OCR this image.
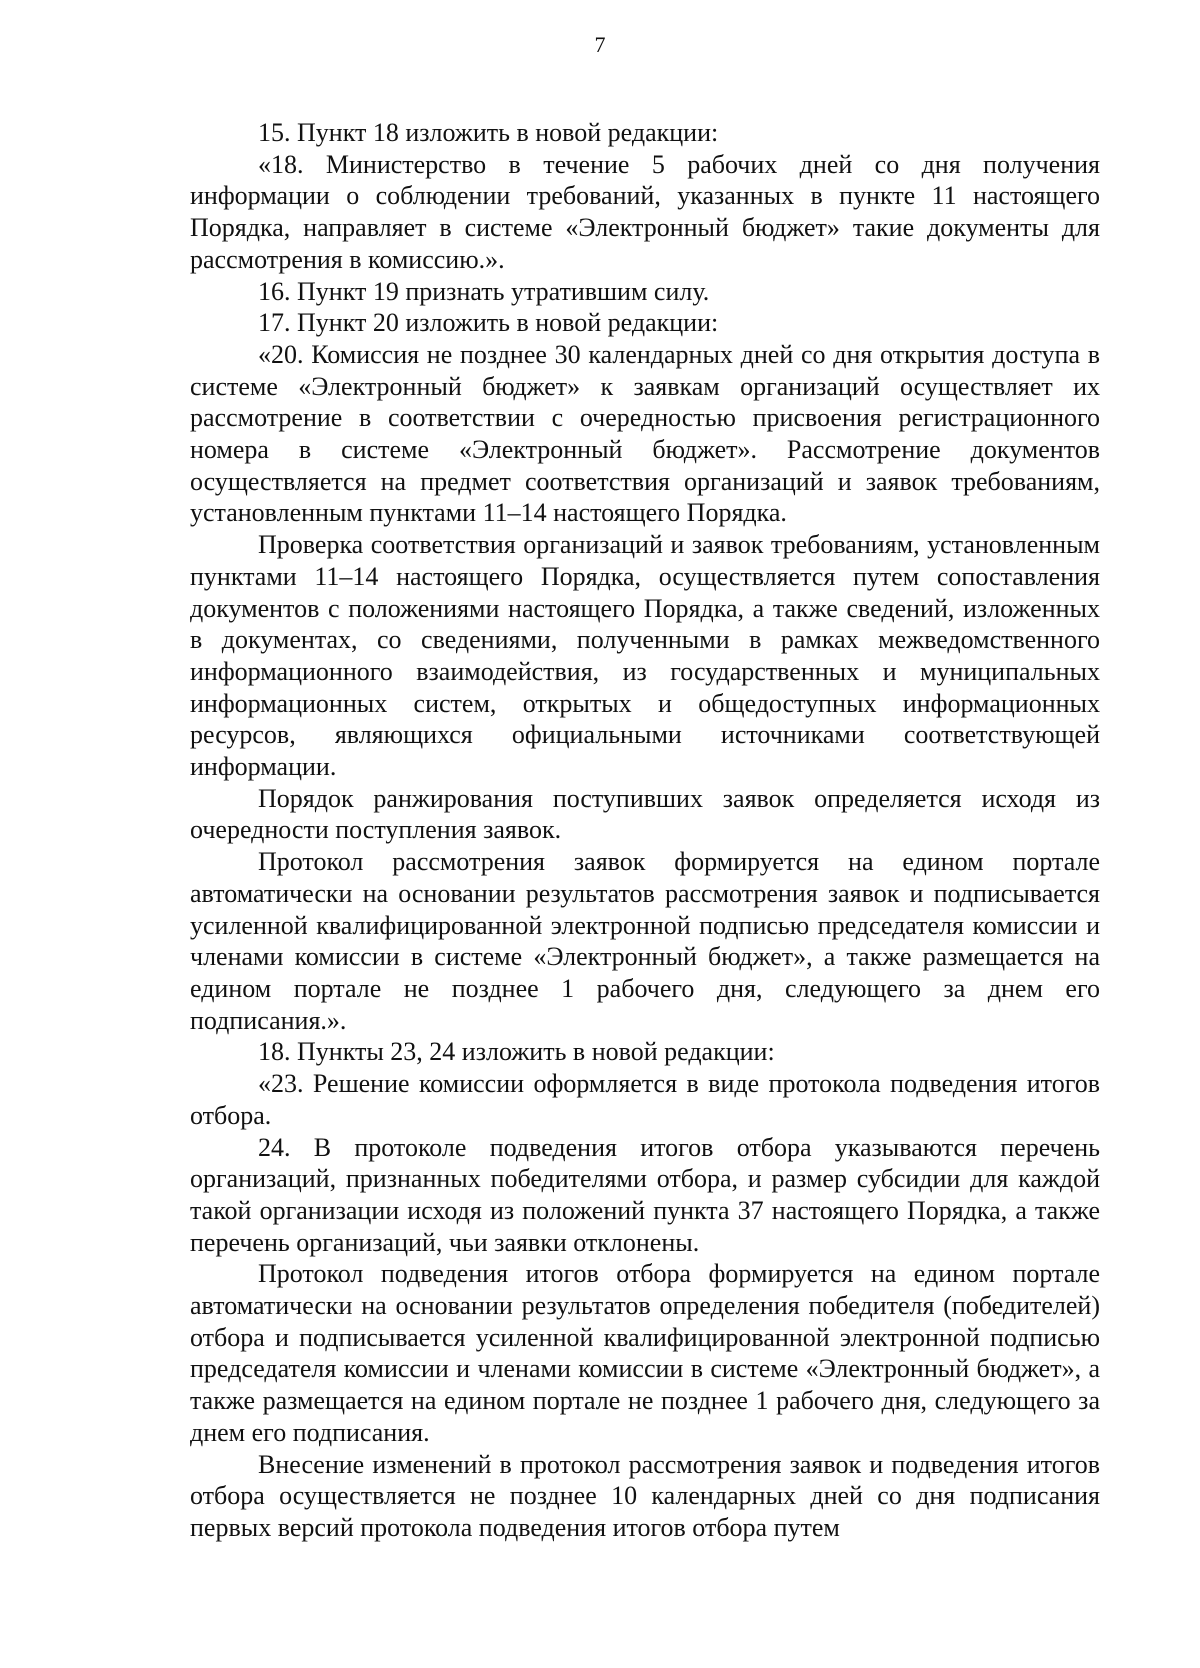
7

15. Пункт 18 изложить в новой редакции:

«18. Министерство в течение 5 рабочих дней со дня получения информации о соблюдении требований, указанных в пункте 11 настоящего Порядка, направляет в системе «Электронный бюджет» такие документы для рассмотрения в комиссию.».

16. Пункт 19 признать утратившим силу.

17. Пункт 20 изложить в новой редакции:

«20. Комиссия не позднее 30 календарных дней со дня открытия доступа в системе «Электронный бюджет» к заявкам организаций осуществляет их рассмотрение в соответствии с очередностью присвоения регистрационного номера в системе «Электронный бюджет». Рассмотрение документов осуществляется на предмет соответствия организаций и заявок требованиям, установленным пунктами 11–14 настоящего Порядка.

Проверка соответствия организаций и заявок требованиям, установленным пунктами 11–14 настоящего Порядка, осуществляется путем сопоставления документов с положениями настоящего Порядка, а также сведений, изложенных в документах, со сведениями, полученными в рамках межведомственного информационного взаимодействия, из государственных и муниципальных информационных систем, открытых и общедоступных информационных ресурсов, являющихся официальными источниками соответствующей информации.

Порядок ранжирования поступивших заявок определяется исходя из очередности поступления заявок.

Протокол рассмотрения заявок формируется на едином портале автоматически на основании результатов рассмотрения заявок и подписывается усиленной квалифицированной электронной подписью председателя комиссии и членами комиссии в системе «Электронный бюджет», а также размещается на едином портале не позднее 1 рабочего дня, следующего за днем его подписания.».

18. Пункты 23, 24 изложить в новой редакции:

«23. Решение комиссии оформляется в виде протокола подведения итогов отбора.

24. В протоколе подведения итогов отбора указываются перечень организаций, признанных победителями отбора, и размер субсидии для каждой такой организации исходя из положений пункта 37 настоящего Порядка, а также перечень организаций, чьи заявки отклонены.

Протокол подведения итогов отбора формируется на едином портале автоматически на основании результатов определения победителя (победителей) отбора и подписывается усиленной квалифицированной электронной подписью председателя комиссии и членами комиссии в системе «Электронный бюджет», а также размещается на едином портале не позднее 1 рабочего дня, следующего за днем его подписания.

Внесение изменений в протокол рассмотрения заявок и подведения итогов отбора осуществляется не позднее 10 календарных дней со дня подписания первых версий протокола подведения итогов отбора путем
